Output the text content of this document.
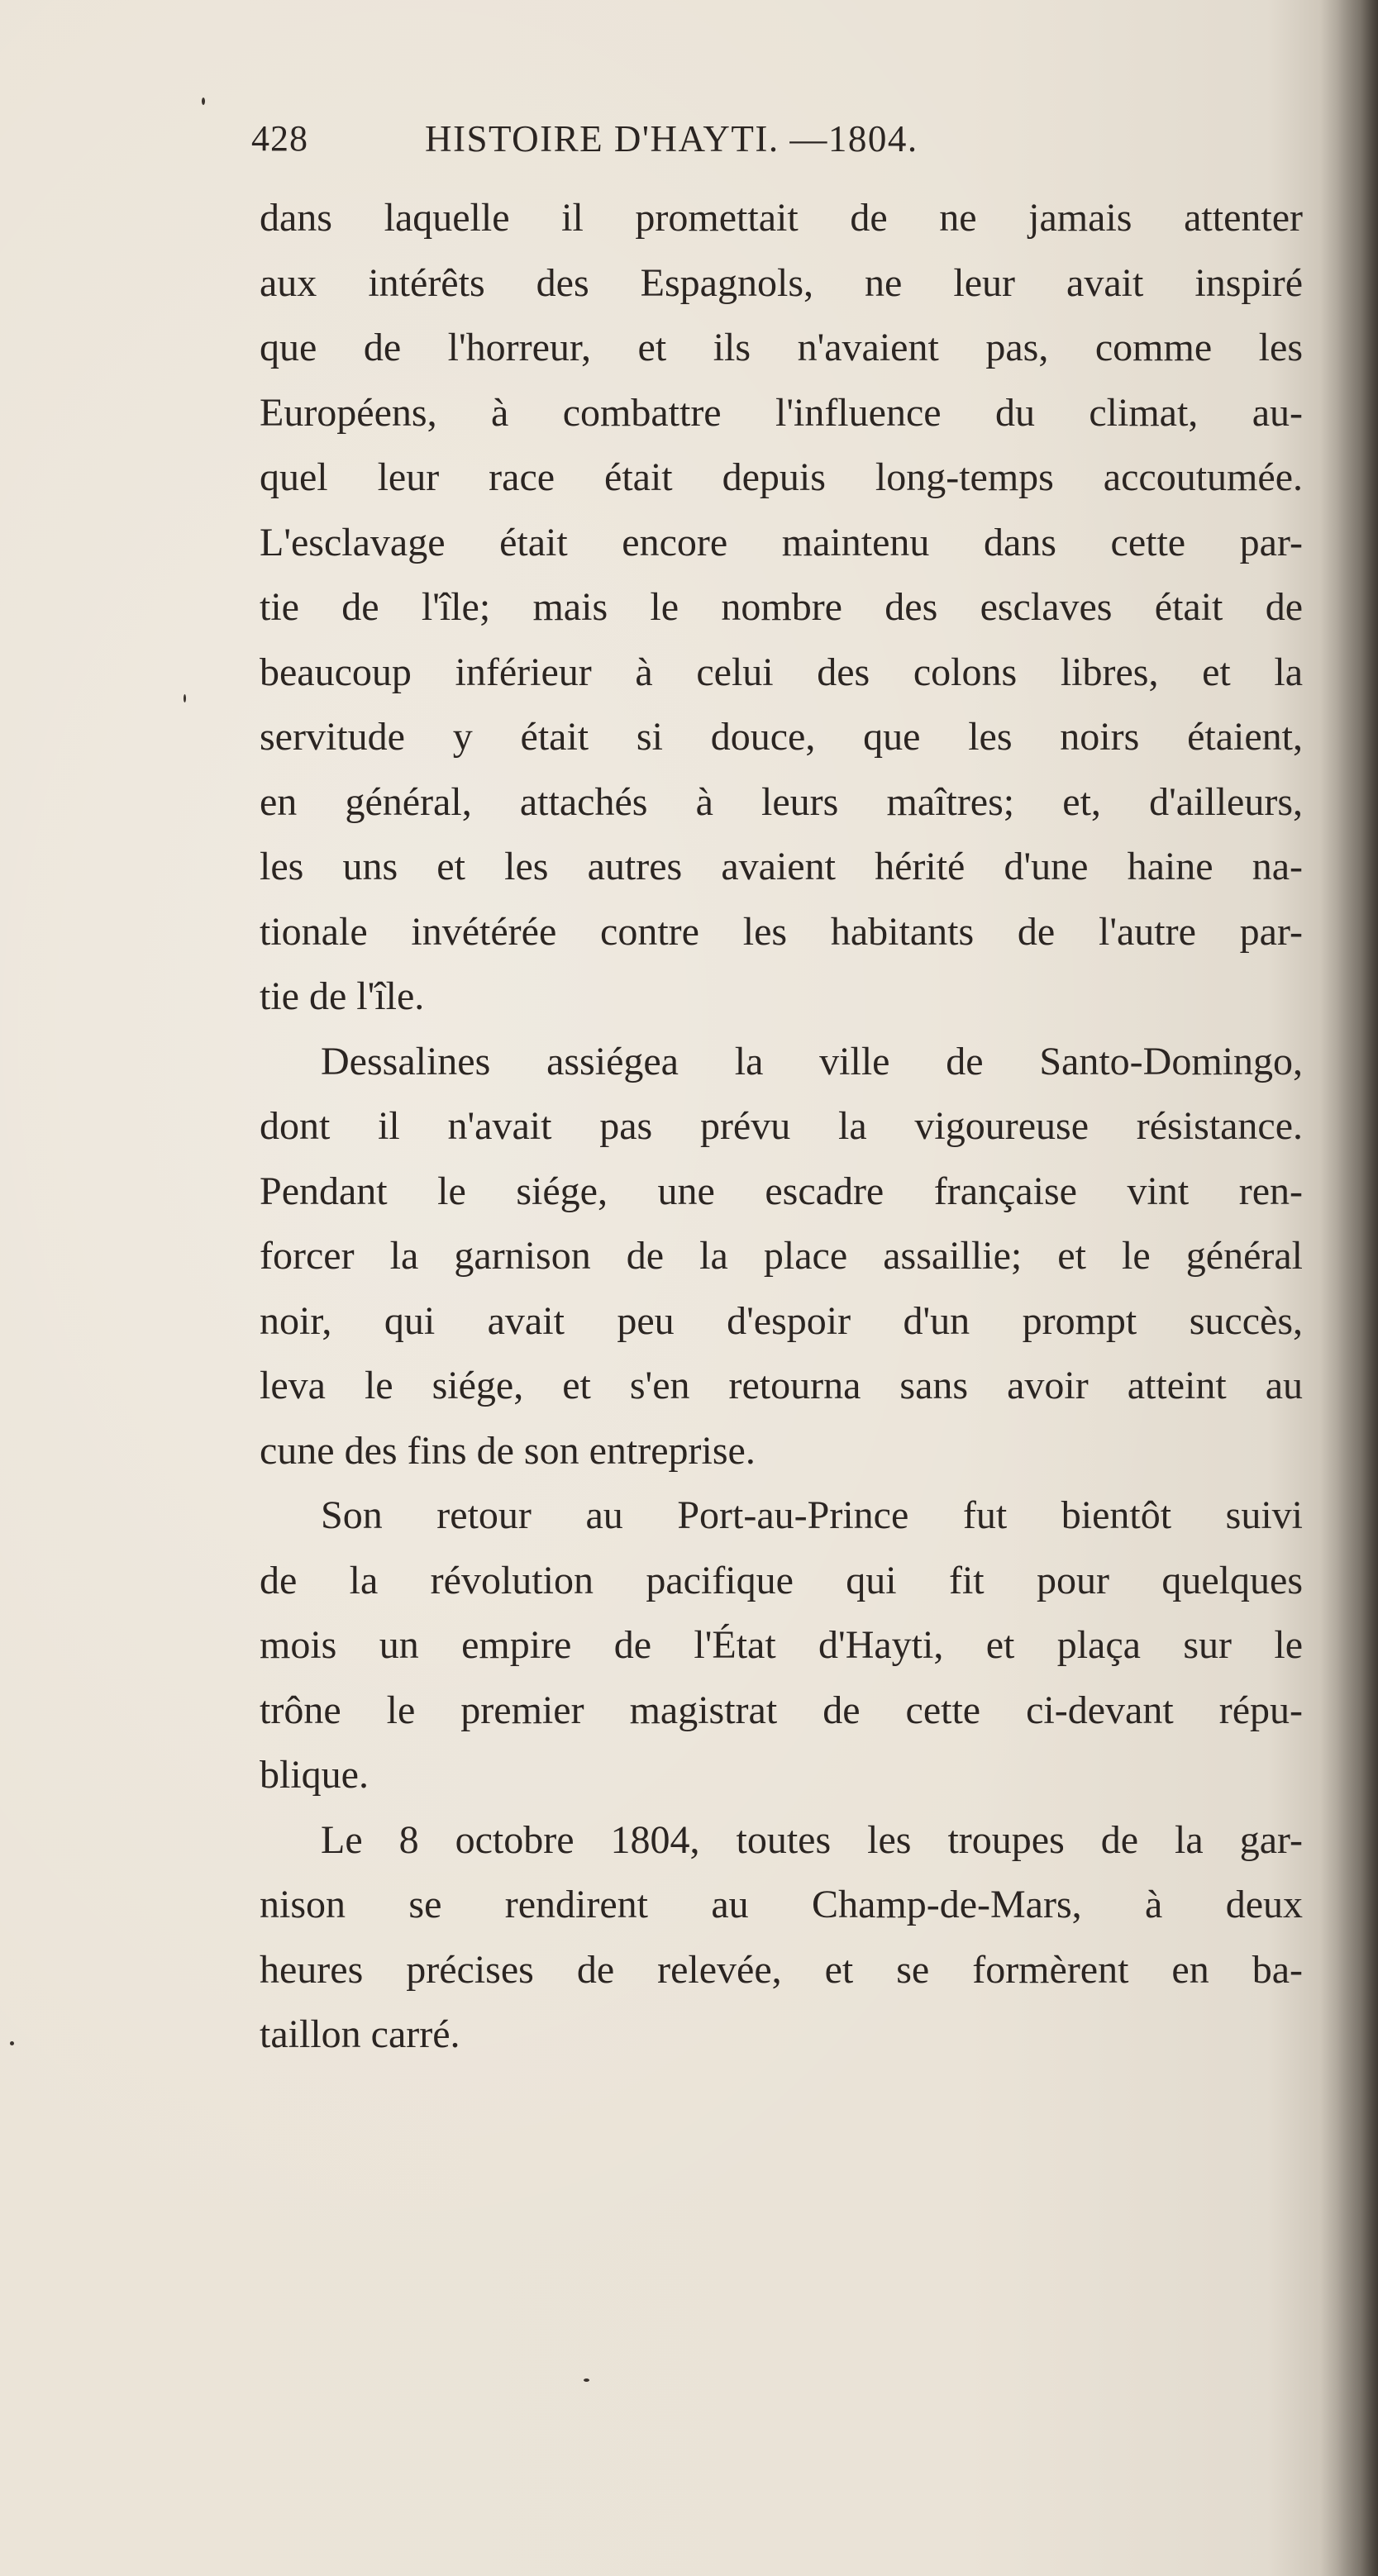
428	HISTOIRE D'HAYTI. —1804.
dans laquelle il promettait de ne jamais attenter
aux intérêts des Espagnols, ne leur avait inspiré
que de l'horreur, et ils n'avaient pas, comme les
Européens, à combattre l'influence du climat, au-
quel leur race était depuis long-temps accoutumée.
L'esclavage était encore maintenu dans cette par-
tie de l'île; mais le nombre des esclaves était de
beaucoup inférieur à celui des colons libres, et la
servitude y était si douce, que les noirs étaient,
en général, attachés à leurs maîtres; et, d'ailleurs,
les uns et les autres avaient hérité d'une haine na-
tionale invétérée contre les habitants de l'autre par-
tie de l'île.
Dessalines assiégea la ville de Santo-Domingo,
dont il n'avait pas prévu la vigoureuse résistance.
Pendant le siége, une escadre française vint ren-
forcer la garnison de la place assaillie; et le général
noir, qui avait peu d'espoir d'un prompt succès,
leva le siége, et s'en retourna sans avoir atteint au
cune des fins de son entreprise.
Son retour au Port-au-Prince fut bientôt suivi
de la révolution pacifique qui fit pour quelques
mois un empire de l'État d'Hayti, et plaça sur le
trône le premier magistrat de cette ci-devant répu-
blique.
Le 8 octobre 1804, toutes les troupes de la gar-
nison se rendirent au Champ-de-Mars, à deux
heures précises de relevée, et se formèrent en ba-
taillon carré.
